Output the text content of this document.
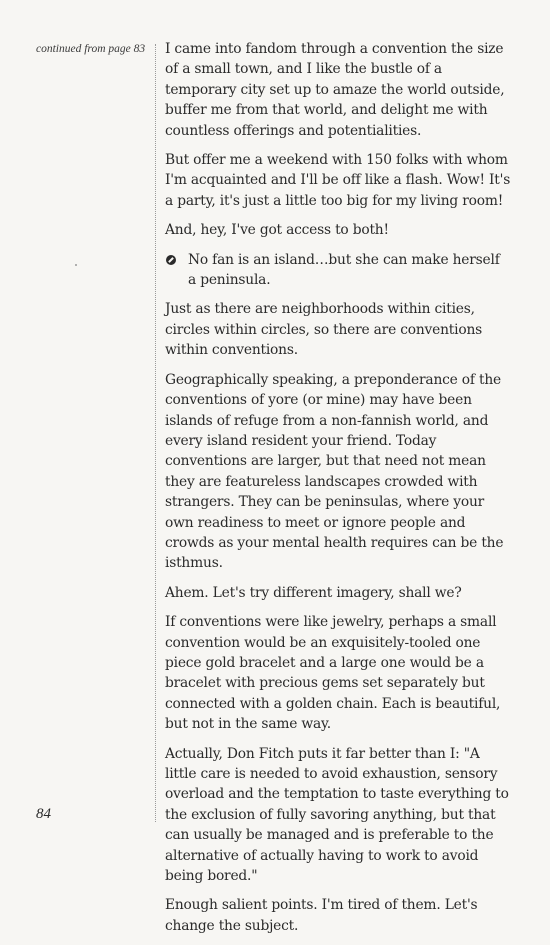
continued from page 83 I came into fandom through a convention the size of a small town, and I like the bustle of a temporary city set up to amaze the world outside, buffer me from that world, and delight me with countless offerings and potentialities.

But offer me a weekend with 150 folks with whom I'm acquainted and I'll be off like a flash. Wow! It's a party, it's just a little too big for my living room!

And, hey, I've got access to both!

No fan is an island…but she can make herself a peninsula.

Just as there are neighborhoods within cities, circles within circles, so there are conventions within conventions.

Geographically speaking, a preponderance of the conventions of yore (or mine) may have been islands of refuge from a non-fannish world, and every island resident your friend. Today conventions are larger, but that need not mean they are featureless landscapes crowded with strangers. They can be peninsulas, where your own readiness to meet or ignore people and crowds as your mental health requires can be the isthmus.

Ahem. Let's try different imagery, shall we?

If conventions were like jewelry, perhaps a small convention would be an exquisitely-tooled one piece gold bracelet and a large one would be a bracelet with precious gems set separately but connected with a golden chain. Each is beautiful, but not in the same way.

Actually, Don Fitch puts it far better than I: "A little care is needed to avoid exhaustion, sensory overload and the temptation to taste everything to the exclusion of fully savoring anything, but that can usually be managed and is preferable to the alternative of actually having to work to avoid being bored."

Enough salient points. I'm tired of them. Let's change the subject.

84
